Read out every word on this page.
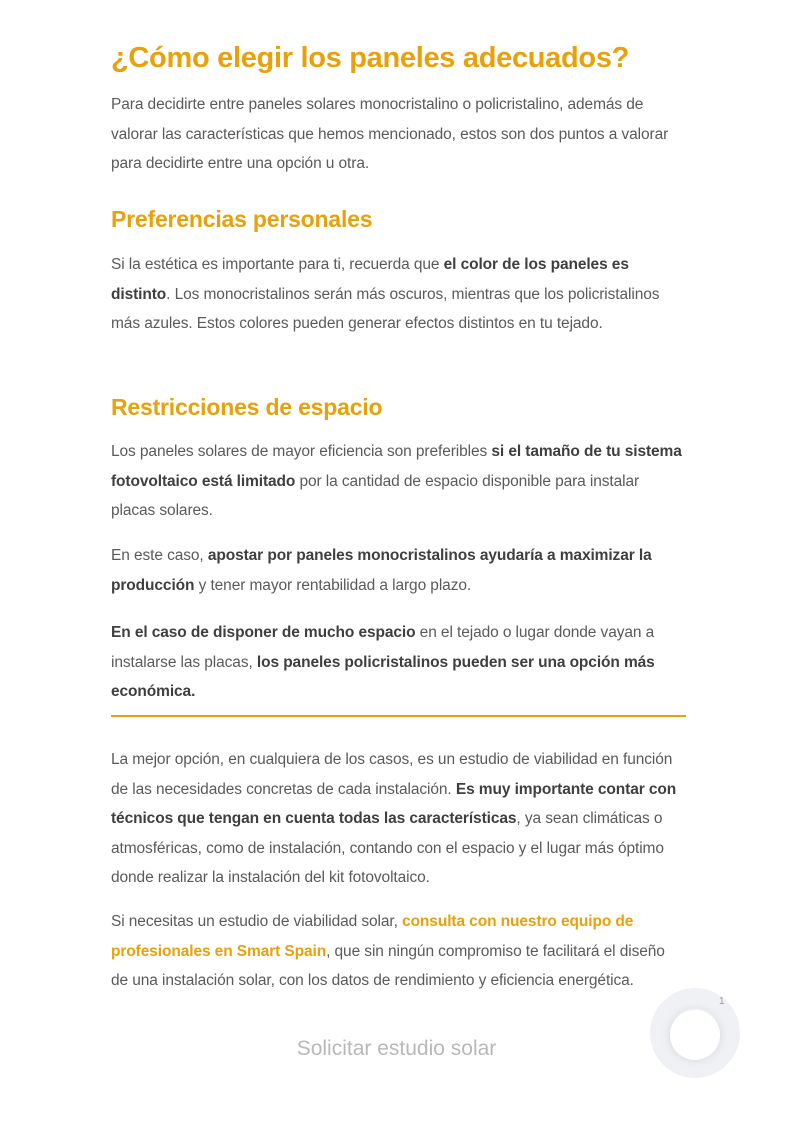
¿Cómo elegir los paneles adecuados?

Para decidirte entre paneles solares monocristalino o policristalino, además de valorar las características que hemos mencionado, estos son dos puntos a valorar para decidirte entre una opción u otra.

Preferencias personales

Si la estética es importante para ti, recuerda que el color de los paneles es distinto. Los monocristalinos serán más oscuros, mientras que los policristalinos más azules. Estos colores pueden generar efectos distintos en tu tejado.

Restricciones de espacio

Los paneles solares de mayor eficiencia son preferibles si el tamaño de tu sistema fotovoltaico está limitado por la cantidad de espacio disponible para instalar placas solares.

En este caso, apostar por paneles monocristalinos ayudaría a maximizar la producción y tener mayor rentabilidad a largo plazo.

En el caso de disponer de mucho espacio en el tejado o lugar donde vayan a instalarse las placas, los paneles policristalinos pueden ser una opción más económica.

La mejor opción, en cualquiera de los casos, es un estudio de viabilidad en función de las necesidades concretas de cada instalación. Es muy importante contar con técnicos que tengan en cuenta todas las características, ya sean climáticas o atmosféricas, como de instalación, contando con el espacio y el lugar más óptimo donde realizar la instalación del kit fotovoltaico.

Si necesitas un estudio de viabilidad solar, consulta con nuestro equipo de profesionales en Smart Spain, que sin ningún compromiso te facilitará el diseño de una instalación solar, con los datos de rendimiento y eficiencia energética.

Solicitar estudio solar
1
